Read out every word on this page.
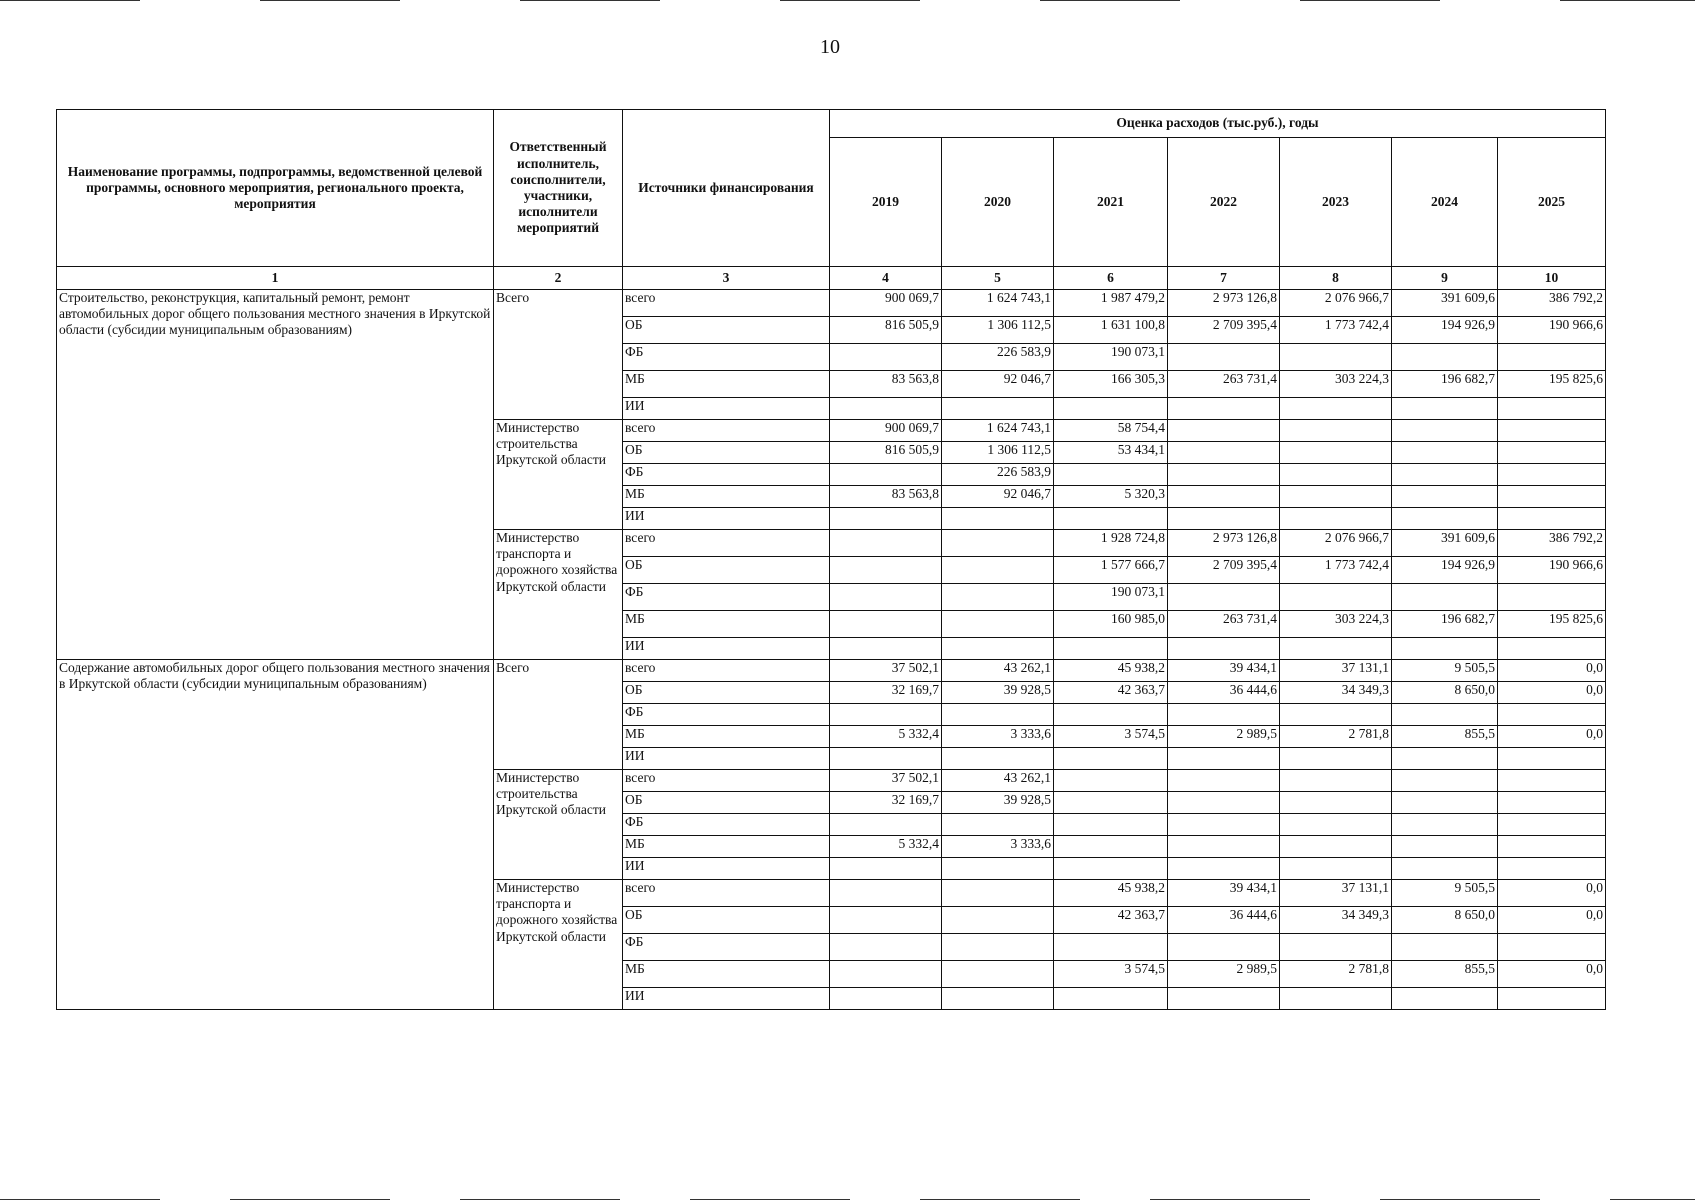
10
Наименование программы, подпрограммы, ведомственной целевой программы, основного мероприятия, регионального проекта, мероприятия	Ответственный исполнитель, соисполнители, участники, исполнители мероприятий	Источники финансирования	Оценка расходов (тыс.руб.), годы						
			2019	2020	2021	2022	2023	2024	2025
1	2	3	4	5	6	7	8	9	10
Строительство, реконструкция, капитальный ремонт, ремонт автомобильных дорог общего пользования местного значения в Иркутской области (субсидии муниципальным образованиям)	Всего	всего	900 069,7	1 624 743,1	1 987 479,2	2 973 126,8	2 076 966,7	391 609,6	386 792,2
		ОБ	816 505,9	1 306 112,5	1 631 100,8	2 709 395,4	1 773 742,4	194 926,9	190 966,6
		ФБ		226 583,9	190 073,1				
		МБ	83 563,8	92 046,7	166 305,3	263 731,4	303 224,3	196 682,7	195 825,6
		ИИ							
	Министерство строительства Иркутской области	всего	900 069,7	1 624 743,1	58 754,4				
		ОБ	816 505,9	1 306 112,5	53 434,1				
		ФБ		226 583,9					
		МБ	83 563,8	92 046,7	5 320,3				
		ИИ							
	Министерство транспорта и дорожного хозяйства Иркутской области	всего			1 928 724,8	2 973 126,8	2 076 966,7	391 609,6	386 792,2
		ОБ			1 577 666,7	2 709 395,4	1 773 742,4	194 926,9	190 966,6
		ФБ			190 073,1				
		МБ			160 985,0	263 731,4	303 224,3	196 682,7	195 825,6
		ИИ							
Содержание автомобильных дорог общего пользования местного значения в Иркутской области (субсидии муниципальным образованиям)	Всего	всего	37 502,1	43 262,1	45 938,2	39 434,1	37 131,1	9 505,5	0,0
		ОБ	32 169,7	39 928,5	42 363,7	36 444,6	34 349,3	8 650,0	0,0
		ФБ							
		МБ	5 332,4	3 333,6	3 574,5	2 989,5	2 781,8	855,5	0,0
		ИИ							
	Министерство строительства Иркутской области	всего	37 502,1	43 262,1					
		ОБ	32 169,7	39 928,5					
		ФБ							
		МБ	5 332,4	3 333,6					
		ИИ							
	Министерство транспорта и дорожного хозяйства Иркутской области	всего			45 938,2	39 434,1	37 131,1	9 505,5	0,0
		ОБ			42 363,7	36 444,6	34 349,3	8 650,0	0,0
		ФБ							
		МБ			3 574,5	2 989,5	2 781,8	855,5	0,0
		ИИ							
